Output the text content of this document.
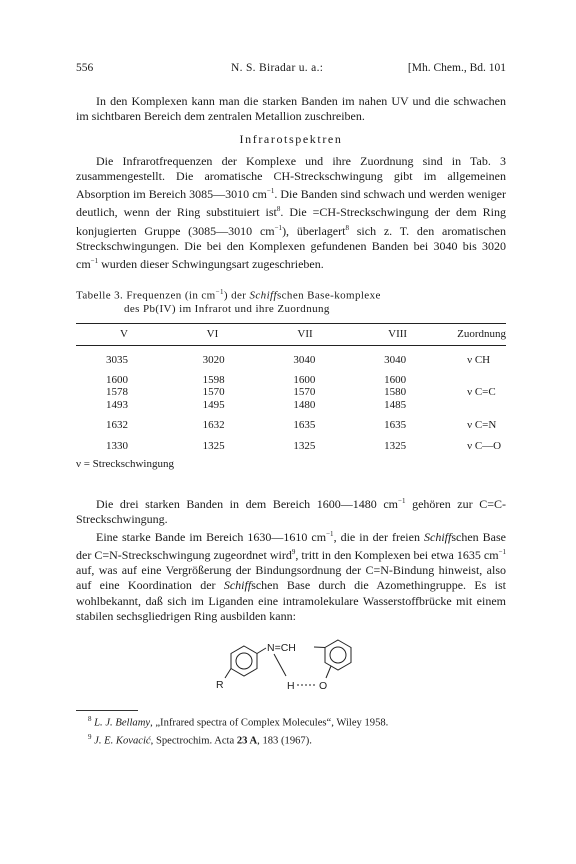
556	N. S. Biradar u. a.:	[Mh. Chem., Bd. 101

In den Komplexen kann man die starken Banden im nahen UV und die schwachen im sichtbaren Bereich dem zentralen Metallion zuschreiben.

Infrarotspektren

Die Infrarotfrequenzen der Komplexe und ihre Zuordnung sind in Tab. 3 zusammengestellt. Die aromatische CH-Streckschwingung gibt im allgemeinen Absorption im Bereich 3085—3010 $cm^{-1}$. Die Banden sind schwach und werden weniger deutlich, wenn der Ring substituiert ist$^8$. Die =CH-Streckschwingung der dem Ring konjugierten Gruppe (3085—3010 $cm^{-1}$), überlagert$^8$ sich z. T. den aromatischen Streckschwingungen. Die bei den Komplexen gefundenen Banden bei 3040 bis 3020 $cm^{-1}$ wurden dieser Schwingungsart zugeschrieben.

Tabelle 3. Frequenzen (in $cm^{-1}$) der Schiffschen Base-komplexe
des Pb(IV) im Infrarot und ihre Zuordnung
V	VI	VII	VIII	Zuordnung

3035	3020	3040	3040	ν CH

1600	1598	1600	1600	
1578	1570	1570	1580	ν C=C
1493	1495	1480	1485	

1632	1632	1635	1635	ν C=N

1330	1325	1325	1325	ν C—O
ν = Streckschwingung

Die drei starken Banden in dem Bereich 1600—1480 $cm^{-1}$ gehören zur C=C-Streckschwingung.

Eine starke Bande im Bereich 1630—1610 $cm^{-1}$, die in der freien Schiffschen Base der C=N-Streckschwingung zugeordnet wird$^9$, tritt in den Komplexen bei etwa 1635 $cm^{-1}$ auf, was auf eine Vergrößerung der Bindungsordnung der C=N-Bindung hinweist, also auf eine Koordination der Schiffschen Base durch die Azomethingruppe. Es ist wohlbekannt, daß sich im Liganden eine intramolekulare Wasserstoffbrücke mit einem stabilen sechsgliedrigen Ring ausbilden kann:

N=CH
R	H O
$^8$ L. J. Bellamy, „Infrared spectra of Complex Molecules“, Wiley 1958.
$^9$ J. E. Kovacić, Spectrochim. Acta 23 A, 183 (1967).
